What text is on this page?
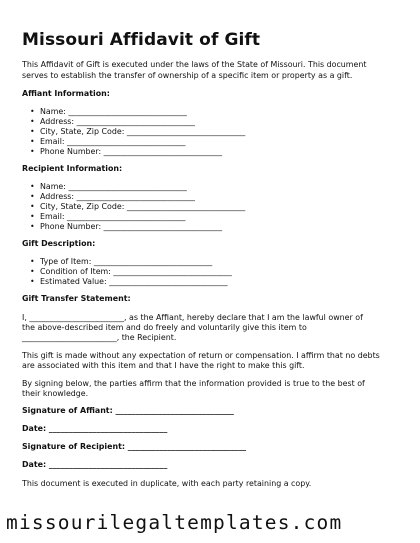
Missouri Affidavit of Gift
This Affidavit of Gift is executed under the laws of the State of Missouri. This document
serves to establish the transfer of ownership of a specific item or property as a gift.
Affiant Information:
• Name: ______________________________
• Address: ______________________________
• City, State, Zip Code: ______________________________
• Email: ______________________________
• Phone Number: ______________________________
Recipient Information:
• Name: ______________________________
• Address: ______________________________
• City, State, Zip Code: ______________________________
• Email: ______________________________
• Phone Number: ______________________________
Gift Description:
• Type of Item: ______________________________
• Condition of Item: ______________________________
• Estimated Value: ______________________________
Gift Transfer Statement:
I, ________________________, as the Affiant, hereby declare that I am the lawful owner of
the above-described item and do freely and voluntarily give this item to
________________________, the Recipient.
This gift is made without any expectation of return or compensation. I affirm that no debts
are associated with this item and that I have the right to make this gift.
By signing below, the parties affirm that the information provided is true to the best of
their knowledge.
Signature of Affiant: ______________________________
Date: ______________________________
Signature of Recipient: ______________________________
Date: ______________________________
This document is executed in duplicate, with each party retaining a copy.
missourilegaltemplates.com
